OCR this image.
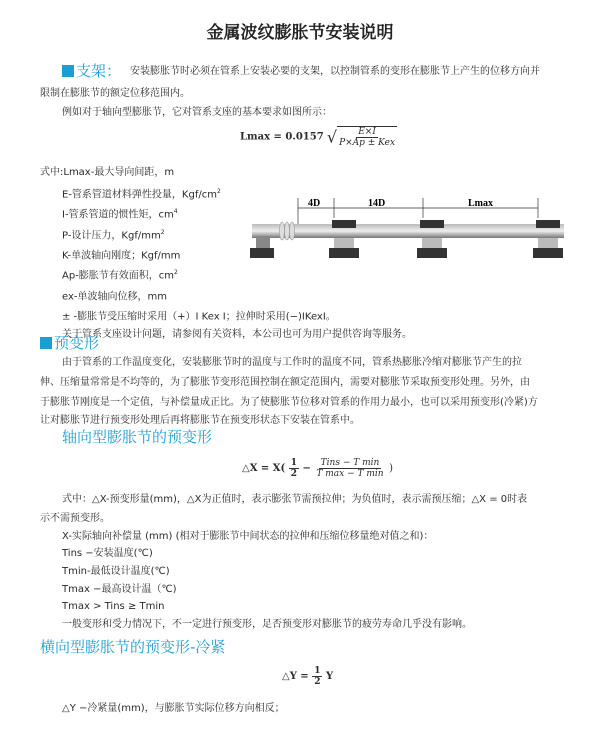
金属波纹膨胀节安装说明
支架： 安装膨胀节时必须在管系上安装必要的支架，以控制管系的变形在膨胀节上产生的位移方向并
限制在膨胀节的额定位移范围内。
例如对于轴向型膨胀节，它对管系支座的基本要求如图所示：
Lmax = 0.0157 √ $\frac{E\times I}{\text{P×Ap ± Kex}}$
式中:Lmax-最大导向间距，m
E-管系管道材料弹性投量，Kgf/$cm^2$
I-管系管道的惯性矩，$cm^4$
P-设计压力，Kgf/$mm^2$
K-单波轴向刚度；Kgf/mm
Ap-膨胀节有效面积，$cm^2$
ex-单波轴向位移，mm
± -膨胀节受压缩时采用（+）I Kex I；拉伸时采用(−)IKexI。
关于管系支座设计问题，请参阅有关资料，本公司也可为用户提供咨询等服务。
4D	14D	Lmax
预变形
由于管系的工作温度变化，安装膨胀节时的温度与工作时的温度不同，管系热膨胀冷缩对膨胀节产生的拉
伸、压缩量常常是不均等的，为了膨胀节变形范围控制在额定范围内，需要对膨胀节采取预变形处理。另外，由
于膨胀节刚度是一个定值，与补偿量成正比。为了使膨胀节位移对管系的作用力最小，也可以采用预变形(冷紧)方
让对膨胀节进行预变形处理后再将膨胀节在预变形状态下安装在管系中。
轴向型膨胀节的预变形
△X = $X( \frac{1}{2} - \frac{\text{Tins − T min}}{\text{T max − T min}}$ )
式中：△X-预变形量(mm)，△X为正值时，表示膨张节需预拉伸；为负值时，表示需预压缩；△X = 0时表
示不需预变形。
X-实际轴向补偿量 (mm) (相对于膨胀节中间状态的拉伸和压缩位移量绝对值之和)：
Tins −安装温度(℃)
Tmin-最低设计温度(℃)
Tmax −最高设计温（℃)
Tmax > Tins ≥ Tmin
一般变形和受力情况下，不一定进行预变形，足否预变形对膨胀节的疲劳寿命几乎没有影响。
横向型膨胀节的预变形-冷紧
△Y = $\frac{1}{2}$ Y
△Y −冷紧量(mm)，与膨胀节实际位移方向相反；
